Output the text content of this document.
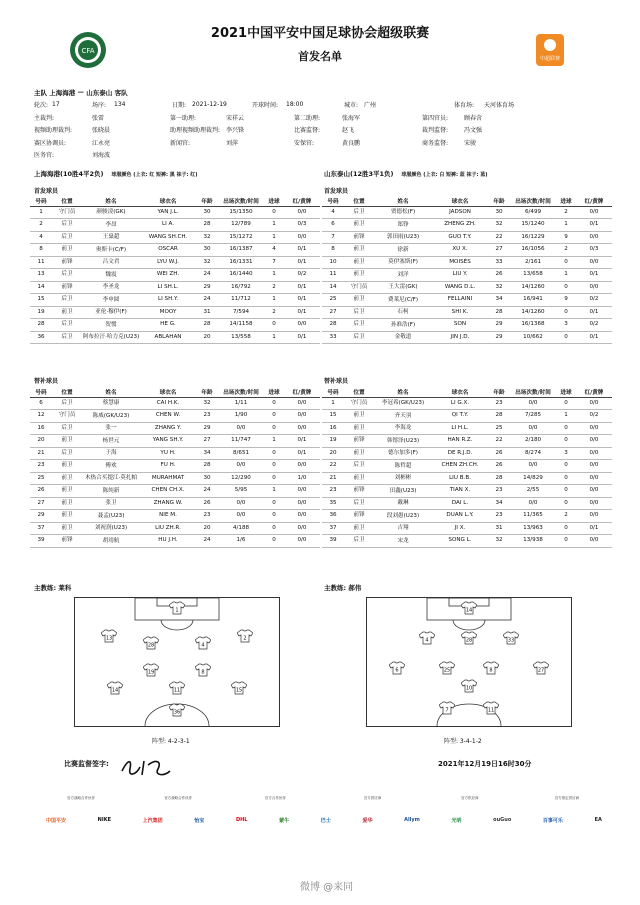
CFA
2021中国平安中国足球协会超级联赛
首发名单	中超联赛
主队
上海海港
—
山东泰山
客队
轮次: 17	场序:	134	日期: 2021-12-19	开球时间:	18:00	城市: 广州	体育场:	天河体育场
主裁判:	张雷	第一助理:	宋祥云	第二助理:	张海军	第四官员:	顾春含
视频助理裁判:	张晓晨	助理视频助理裁判: 李兴锋	比赛监督:	赵飞	裁判监督:	冯文强
赛区协调员:	江永亮	新闻官:	刘萍	安保官:	黄良鹏	商务监督:	宋骏
医务官:	刘海波
上海海港(10胜4平2负) 球服颜色 (上衣: 红 短裤: 黑 袜子: 红)	山东泰山(12胜3平1负) 球服颜色 (上衣: 白 短裤: 蓝 袜子: 蓝)
首发球员	首发球员
号码	位置	姓名	球衣名	年龄	出场次数/时间	进球	红/黄牌
1	守门员	颜骏凌(GK)	YAN J.L.	30	15/1350	0	0/0
2	后卫	李昂	LI A.	28	12/789	1	0/3
4	后卫	王燊超	WANG SH.CH.	32	15/1272	1	0/0
8	前卫	奥斯卡(C/F)	OSCAR	30	16/1387	4	0/1
11	前锋	吕文君	LYU W.J.	32	16/1331	7	0/1
13	后卫	魏震	WEI ZH.	24	16/1440	1	0/2
14	前锋	李圣龙	LI SH.L.	29	16/792	2	0/1
15	后卫	李申圆	LI SH.Y.	24	11/712	1	0/1
19	前卫	亚伦·穆伊(F)	MOOY	31	7/594	2	0/1
28	后卫	贺惯	HE G.	28	14/1158	0	0/0
36	后卫	阿布拉汗·哈力克(U23)	ABLAHAN	20	13/558	1	0/1
号码	位置	姓名	球衣名	年龄	出场次数/时间	进球	红/黄牌
4	后卫	贾德松(F)	JADSON	30	6/499	2	0/0
6	前卫	郑铮	ZHENG ZH.	32	15/1240	1	0/1
7	前锋	郭田雨(U23)	GUO T.Y.	22	16/1229	9	0/0
8	前卫	徐新	XU X.	27	16/1056	2	0/3
10	前卫	莫伊塞斯(F)	MOISÉS	33	2/161	0	0/0
11	前卫	刘洋	LIU Y.	26	13/658	1	0/1
14	守门员	王大雷(GK)	WANG D.L.	32	14/1260	0	0/0
25	前卫	费莱尼(C/F)	FELLAINI	34	16/941	9	0/2
27	后卫	石柯	SHI K.	28	14/1260	0	0/1
28	后卫	孙准浩(F)	SON	29	16/1368	3	0/2
33	后卫	金敬道	JIN J.D.	29	10/662	0	0/1
替补球员	替补球员
号码	位置	姓名	球衣名	年龄	出场次数/时间	进球	红/黄牌
6	后卫	蔡慧康	CAI H.K.	32	1/11	0	0/0
12	守门员	陈威(GK/U23)	CHEN W.	23	1/90	0	0/0
16	后卫	张一	ZHANG Y.	29	0/0	0	0/0
20	前卫	杨世元	YANG SH.Y.	27	11/747	1	0/1
21	后卫	于海	YU H.	34	8/651	0	0/1
23	前卫	傅欢	FU H.	28	0/0	0	0/0
25	前卫	木热合买提江·莫扎帕	MURAHMAT	30	12/290	0	1/0
26	前卫	陈纯新	CHEN CH.X.	24	5/95	1	0/0
27	前卫	张卫	ZHANG W.	26	0/0	0	0/0
29	前卫	聂孟(U23)	NIE M.	23	0/0	0	0/0
37	前卫	刘祝润(U23)	LIU ZH.R.	20	4/188	0	0/0
39	前锋	胡靖航	HU J.H.	24	1/6	0	0/0
号码	位置	姓名	球衣名	年龄	出场次数/时间	进球	红/黄牌
1	守门员	李冠希(GK/U23)	LI G.X.	23	0/0	0	0/0
15	前卫	齐天羽	QI T.Y.	28	7/285	1	0/2
16	前卫	李海龙	LI H.L.	25	0/0	0	0/0
19	前锋	韩镕泽(U23)	HAN R.Z.	22	2/180	0	0/0
20	前卫	德尔加多(F)	DE R.J.D.	26	8/274	3	0/0
22	后卫	陈哲超	CHEN ZH.CH.	26	0/0	0	0/0
21	前卫	刘彬彬	LIU B.B.	28	14/829	0	0/0
23	前锋	田鑫(U23)	TIAN X.	23	2/55	0	0/0
35	后卫	戴琳	DAI L.	34	0/0	0	0/0
36	前锋	段刘愚(U23)	DUAN L.Y.	23	11/365	2	0/0
37	前卫	吉翔	JI X.	31	13/963	0	0/1
39	后卫	宋龙	SONG L.	32	13/938	0	0/0
主教练: 莱科	主教练: 郝伟
1
2
4
28
13
19	8
11
14	15
36
14
4	28	33
6	25	8	27
10
7	11
阵型: 4-2-3-1	阵型: 3-4-1-2
比赛监督签字:	2021年12月19日16时30分
官方战略合作伙伴	官方战略合作伙伴	官方合作伙伴	官方供应商	官方供应商	官方指定供应商
中国平安	NIKE	上汽集团	怡宝	DHL	蒙牛	巴士	爱华	Allym	光明	ouGuo	百事可乐	EA
微博 @来同
